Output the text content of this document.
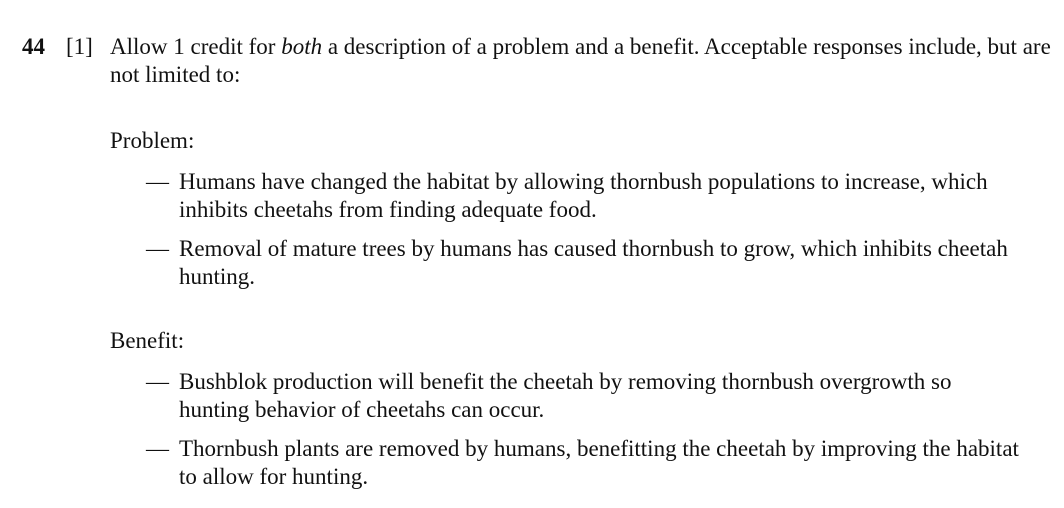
44 [1] Allow 1 credit for both a description of a problem and a benefit. Acceptable responses include, but are not limited to:
Problem:
— Humans have changed the habitat by allowing thornbush populations to increase, which inhibits cheetahs from finding adequate food.
— Removal of mature trees by humans has caused thornbush to grow, which inhibits cheetah hunting.
Benefit:
— Bushblok production will benefit the cheetah by removing thornbush overgrowth so hunting behavior of cheetahs can occur.
— Thornbush plants are removed by humans, benefitting the cheetah by improving the habitat to allow for hunting.
